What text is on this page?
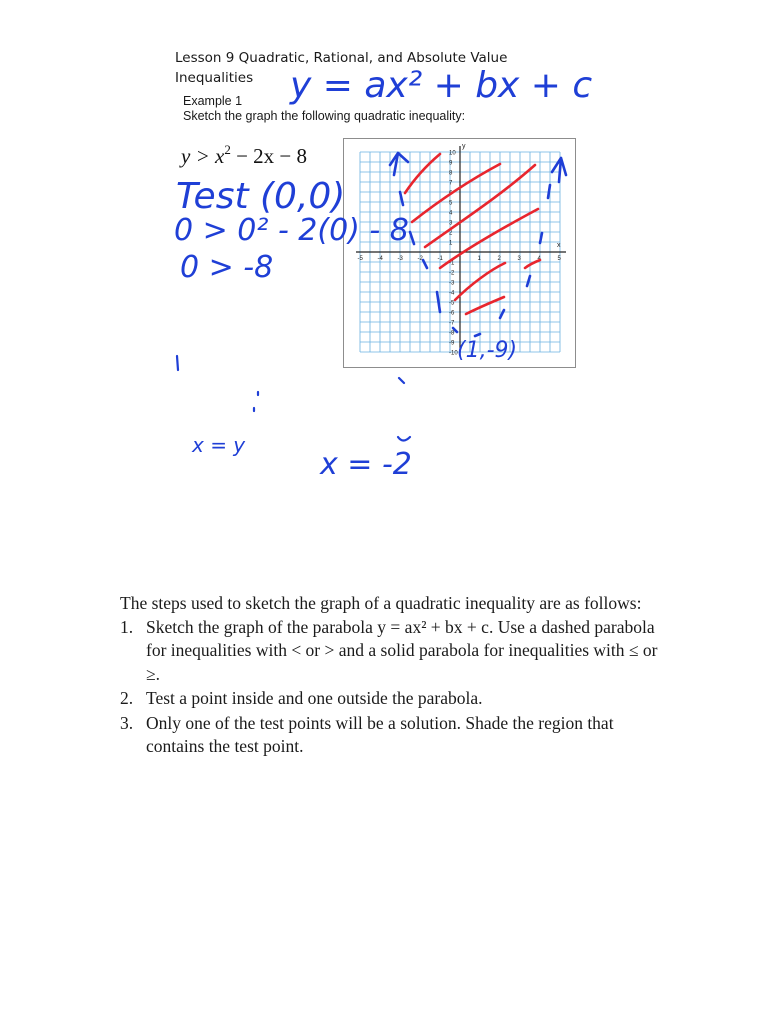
Lesson 9 Quadratic, Rational, and Absolute Value Inequalities
Example 1
Sketch the graph the following quadratic inequality:
$y > x^2 - 2x - 8$
x
y
-5 -4 -3 -2 -1	1	2	3	4	5
10
9
8
7
6
5
4
3
2
1
-1
-2
-3
-4
-5
-6
-7
-8
-9
-10
y = ax² + bx + c
Test (0,0)
0 > 0² - 2(0) - 8
0 > -8
(1,-9)
x = y
x = -2
The steps used to sketch the graph of a quadratic inequality are as follows:
1. Sketch the graph of the parabola y = ax² + bx + c. Use a dashed parabola for inequalities with < or > and a solid parabola for inequalities with ≤ or ≥.
2. Test a point inside and one outside the parabola.
3. Only one of the test points will be a solution. Shade the region that contains the test point.
